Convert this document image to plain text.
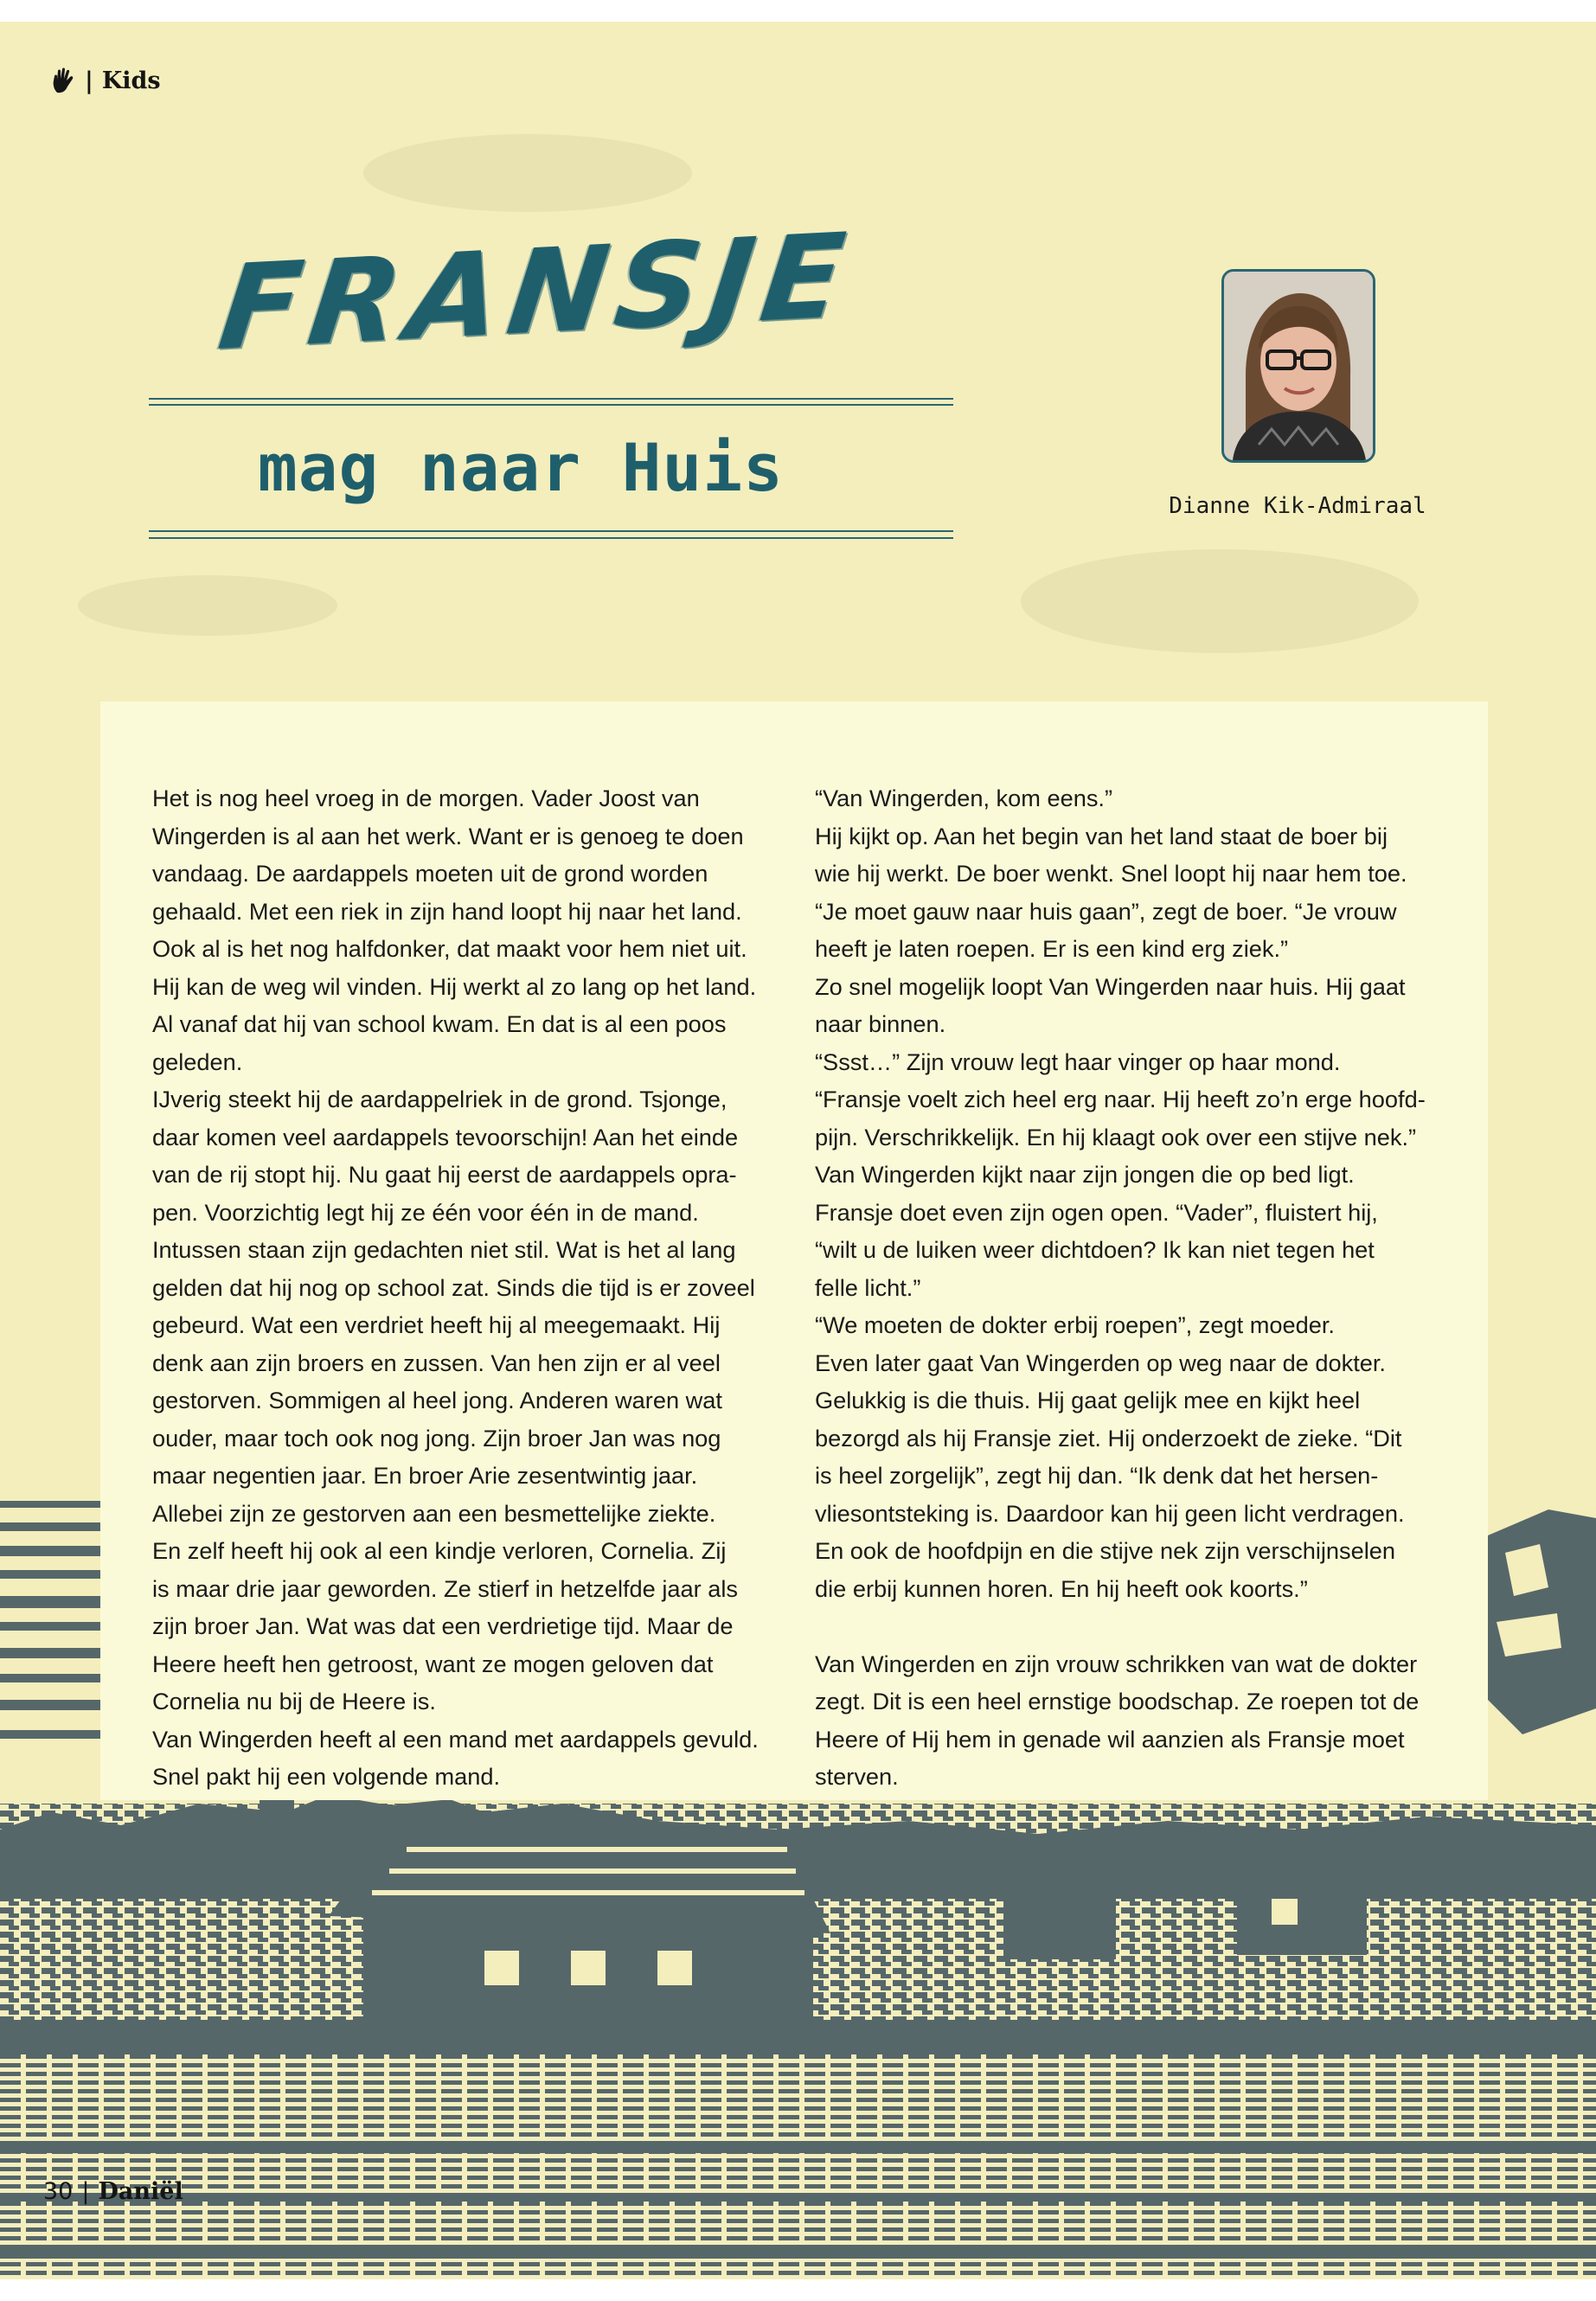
| Kids
FRANSJE
mag naar Huis	Dianne Kik-Admiraal

Het is nog heel vroeg in de morgen. Vader Joost van

Wingerden is al aan het werk. Want er is genoeg te doen

vandaag. De aardappels moeten uit de grond worden

gehaald. Met een riek in zijn hand loopt hij naar het land.

Ook al is het nog halfdonker, dat maakt voor hem niet uit.

Hij kan de weg wil vinden. Hij werkt al zo lang op het land.

Al vanaf dat hij van school kwam. En dat is al een poos

geleden.

IJverig steekt hij de aardappelriek in de grond. Tsjonge,

daar komen veel aardappels tevoorschijn! Aan het einde

van de rij stopt hij. Nu gaat hij eerst de aardappels opra-

pen. Voorzichtig legt hij ze één voor één in de mand.

Intussen staan zijn gedachten niet stil. Wat is het al lang

gelden dat hij nog op school zat. Sinds die tijd is er zoveel

gebeurd. Wat een verdriet heeft hij al meegemaakt. Hij

denk aan zijn broers en zussen. Van hen zijn er al veel

gestorven. Sommigen al heel jong. Anderen waren wat

ouder, maar toch ook nog jong. Zijn broer Jan was nog

maar negentien jaar. En broer Arie zesentwintig jaar.

Allebei zijn ze gestorven aan een besmettelijke ziekte.

En zelf heeft hij ook al een kindje verloren, Cornelia. Zij

is maar drie jaar geworden. Ze stierf in hetzelfde jaar als

zijn broer Jan. Wat was dat een verdrietige tijd. Maar de

Heere heeft hen getroost, want ze mogen geloven dat

Cornelia nu bij de Heere is.

Van Wingerden heeft al een mand met aardappels gevuld.

Snel pakt hij een volgende mand.

“Van Wingerden, kom eens.”

Hij kijkt op. Aan het begin van het land staat de boer bij

wie hij werkt. De boer wenkt. Snel loopt hij naar hem toe.

“Je moet gauw naar huis gaan”, zegt de boer. “Je vrouw

heeft je laten roepen. Er is een kind erg ziek.”

Zo snel mogelijk loopt Van Wingerden naar huis. Hij gaat

naar binnen.

“Ssst…” Zijn vrouw legt haar vinger op haar mond.

“Fransje voelt zich heel erg naar. Hij heeft zo’n erge hoofd-

pijn. Verschrikkelijk. En hij klaagt ook over een stijve nek.”

Van Wingerden kijkt naar zijn jongen die op bed ligt.

Fransje doet even zijn ogen open. “Vader”, fluistert hij,

“wilt u de luiken weer dichtdoen? Ik kan niet tegen het

felle licht.”

“We moeten de dokter erbij roepen”, zegt moeder.

Even later gaat Van Wingerden op weg naar de dokter.

Gelukkig is die thuis. Hij gaat gelijk mee en kijkt heel

bezorgd als hij Fransje ziet. Hij onderzoekt de zieke. “Dit

is heel zorgelijk”, zegt hij dan. “Ik denk dat het hersen-

vliesontsteking is. Daardoor kan hij geen licht verdragen.

En ook de hoofdpijn en die stijve nek zijn verschijnselen

die erbij kunnen horen. En hij heeft ook koorts.”

Van Wingerden en zijn vrouw schrikken van wat de dokter

zegt. Dit is een heel ernstige boodschap. Ze roepen tot de

Heere of Hij hem in genade wil aanzien als Fransje moet

sterven.

30 | Daniël
